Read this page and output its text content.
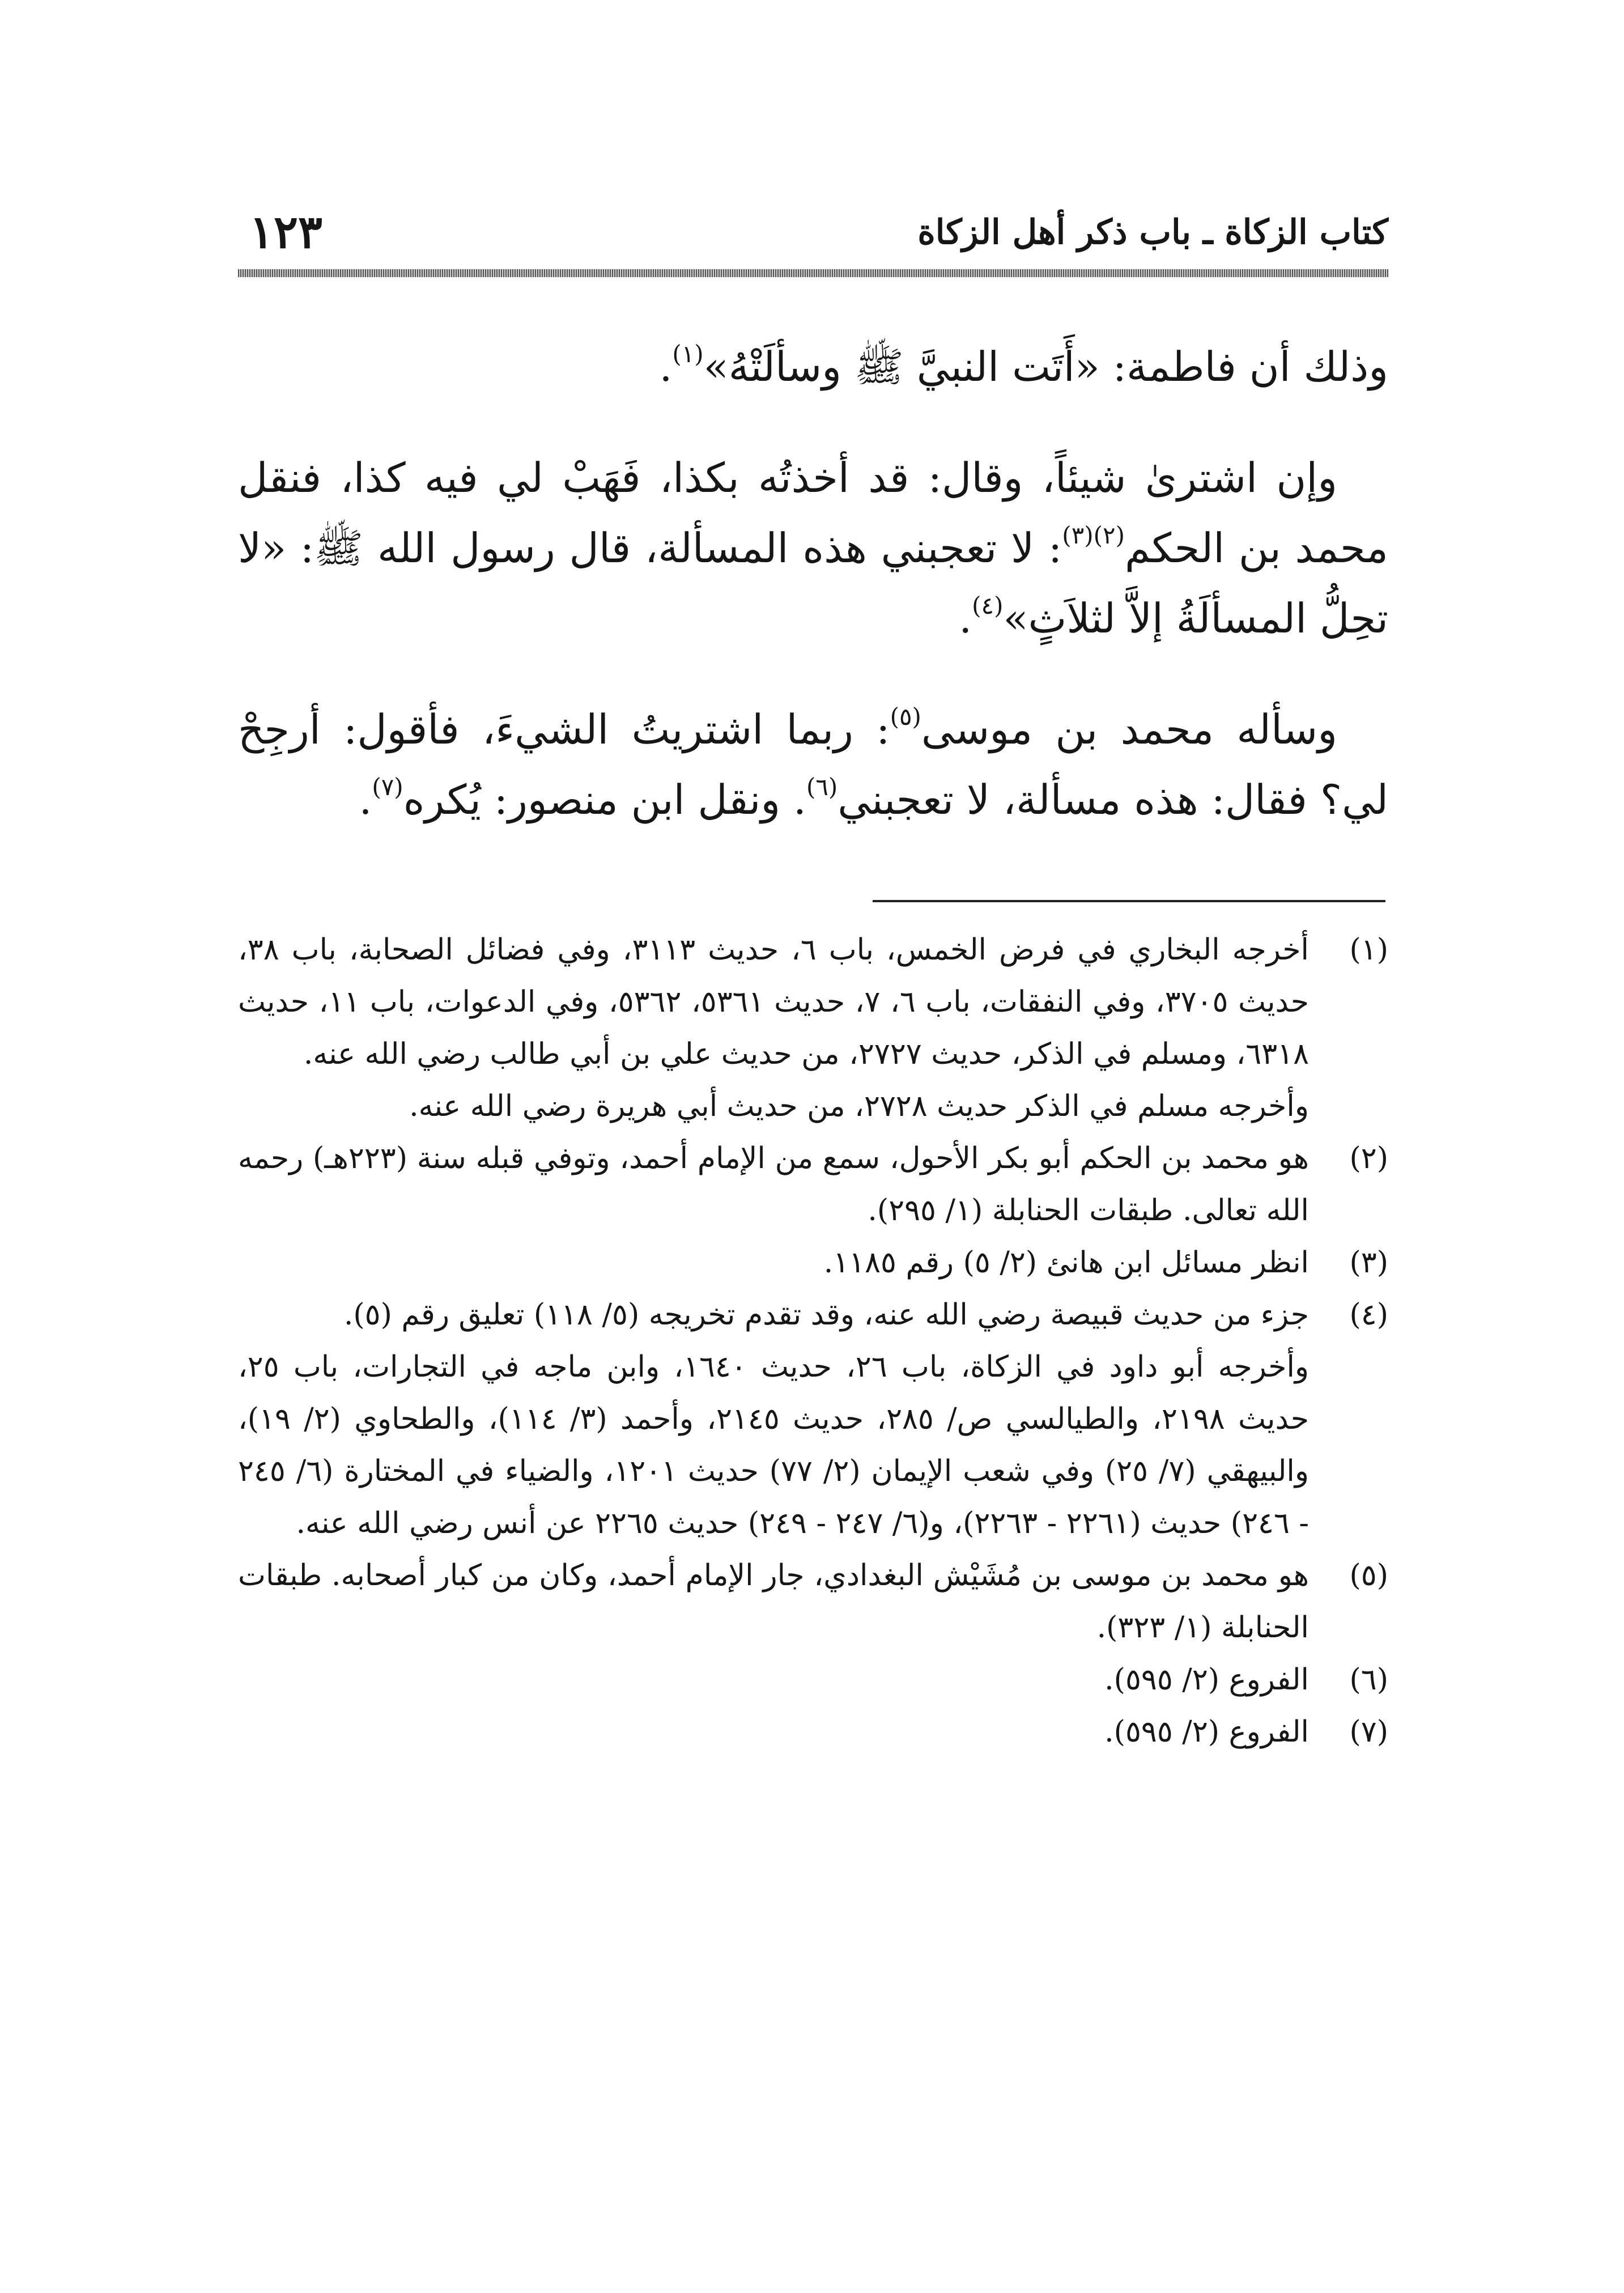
كتاب الزكاة ـ باب ذكر أهل الزكاة
١٢٣

وذلك أن فاطمة: «أَتَت النبيَّ ﷺ وسألَتْهُ»$^{(١)}$.

وإن اشترىٰ شيئاً، وقال: قد أخذتُه بكذا، فَهَبْ لي فيه كذا، فنقل محمد بن الحكم$^{(٢)(٣)}$: لا تعجبني هذه المسألة، قال رسول الله ﷺ: «لا تحِلُّ المسألَةُ إلاَّ لثلاَثٍ»$^{(٤)}$.

وسأله محمد بن موسى$^{(٥)}$: ربما اشتريتُ الشيءَ، فأقول: أرجِحْ لي؟ فقال: هذه مسألة، لا تعجبني$^{(٦)}$. ونقل ابن منصور: يُكره$^{(٧)}$.

(١)
أخرجه البخاري في فرض الخمس، باب ٦، حديث ٣١١٣، وفي فضائل الصحابة، باب ٣٨، حديث ٣٧٠٥، وفي النفقات، باب ٦، ٧، حديث ٥٣٦١، ٥٣٦٢، وفي الدعوات، باب ١١، حديث ٦٣١٨، ومسلم في الذكر، حديث ٢٧٢٧، من حديث علي بن أبي طالب رضي الله عنه.
وأخرجه مسلم في الذكر حديث ٢٧٢٨، من حديث أبي هريرة رضي الله عنه.
(٢)
هو محمد بن الحكم أبو بكر الأحول، سمع من الإمام أحمد، وتوفي قبله سنة (٢٢٣هـ) رحمه الله تعالى. طبقات الحنابلة (١/ ٢٩٥).
(٣)
انظر مسائل ابن هانئ (٢/ ٥) رقم ١١٨٥.
(٤)
جزء من حديث قبيصة رضي الله عنه، وقد تقدم تخريجه (٥/ ١١٨) تعليق رقم (٥).
وأخرجه أبو داود في الزكاة، باب ٢٦، حديث ١٦٤٠، وابن ماجه في التجارات، باب ٢٥، حديث ٢١٩٨، والطيالسي ص/ ٢٨٥، حديث ٢١٤٥، وأحمد (٣/ ١١٤)، والطحاوي (٢/ ١٩)، والبيهقي (٧/ ٢٥) وفي شعب الإيمان (٢/ ٧٧) حديث ١٢٠١، والضياء في المختارة (٦/ ٢٤٥ - ٢٤٦) حديث (٢٢٦١ - ٢٢٦٣)، و(٦/ ٢٤٧ - ٢٤٩) حديث ٢٢٦٥ عن أنس رضي الله عنه.
(٥)
هو محمد بن موسى بن مُشَيْش البغدادي، جار الإمام أحمد، وكان من كبار أصحابه. طبقات الحنابلة (١/ ٣٢٣).
(٦)
الفروع (٢/ ٥٩٥).
(٧)
الفروع (٢/ ٥٩٥).
